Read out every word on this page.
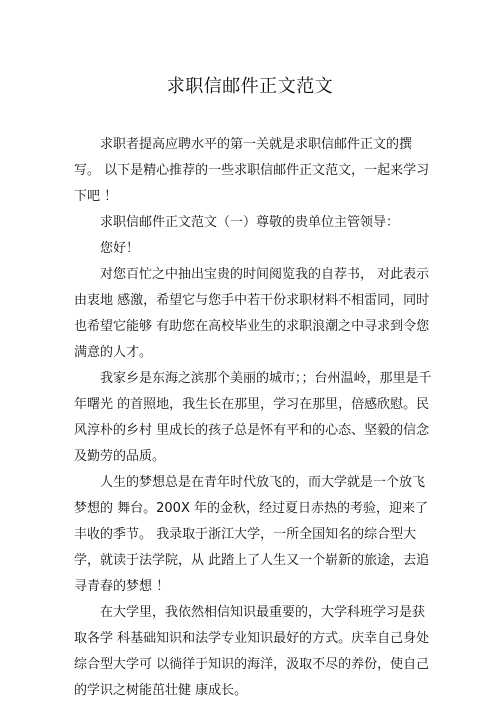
求职信邮件正文范文

求职者提高应聘水平的第一关就是求职信邮件正文的撰写。 以下是精心推荐的一些求职信邮件正文范文，一起来学习下吧 ！

求职信邮件正文范文（一）尊敬的贵单位主管领导：

您好！

对您百忙之中抽出宝贵的时间阅览我的自荐书， 对此表示由衷地 感激，希望它与您手中若干份求职材料不相雷同，同时也希望它能够 有助您在高校毕业生的求职浪潮之中寻求到令您满意的人才。

我家乡是东海之滨那个美丽的城市；；台州温岭，那里是千年曙光 的首照地，我生长在那里，学习在那里，倍感欣慰。民风淳朴的乡村 里成长的孩子总是怀有平和的心态、坚毅的信念及勤劳的品质。

人生的梦想总是在青年时代放飞的，而大学就是一个放飞梦想的 舞台。200X 年的金秋，经过夏日赤热的考验，迎来了丰收的季节。 我录取于浙江大学，一所全国知名的综合型大学，就读于法学院，从 此踏上了人生又一个崭新的旅途，去追寻青春的梦想 ！

在大学里，我依然相信知识最重要的，大学科班学习是获取各学 科基础知识和法学专业知识最好的方式。庆幸自己身处综合型大学可 以徜徉于知识的海洋，汲取不尽的养份，使自己的学识之树能茁壮健 康成长。
